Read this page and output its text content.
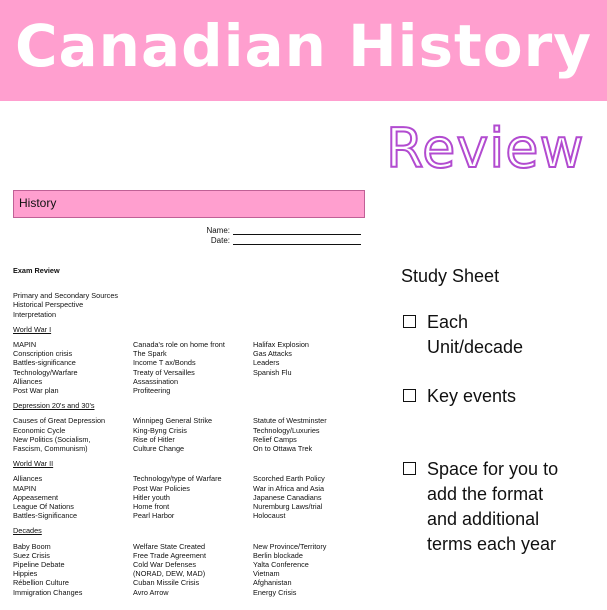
Canadian History
Review
History
Name:
Date:
Exam Review
Primary and Secondary Sources
Historical Perspective
Interpretation
World War I
MAPIN
Conscription crisis
Battles-significance
Technology/Warfare
Alliances
Post War plan
Canada's role on home front
The Spark
Income T ax/Bonds
Treaty of Versailles
Assassination
Profiteering
Halifax Explosion
Gas Attacks
Leaders
Spanish Flu
Depression 20's and 30's
Causes of Great Depression
Economic Cycle
New Politics (Socialism,
Fascism, Communism)
Winnipeg General Strike
King-Byng Crisis
Rise of Hitler
Culture Change
Statute of Westminster
Technology/Luxuries
Relief Camps
On to Ottawa Trek
World War II
Alliances
MAPIN
Appeasement
League Of Nations
Battles-Significance
Technology/type of Warfare
Post War Policies
Hitler youth
Home front
Pearl Harbor
Scorched Earth Policy
War in Africa and Asia
Japanese Canadians
Nuremburg Laws/trial
Holocaust
Decades
Baby Boom
Suez Crisis
Pipeline Debate
Hippies
Rébellion Culture
Immigration Changes
Welfare State Created
Free Trade Agreement
Cold War Defenses
(NORAD, DEW, MAD)
Cuban Missile Crisis
Avro Arrow
New Province/Territory
Berlin blockade
Yalta Conference
Vietnam
Afghanistan
Energy Crisis
Study Sheet
Each
Unit/decade
Key events
Space for you to
add the format
and additional
terms each year
